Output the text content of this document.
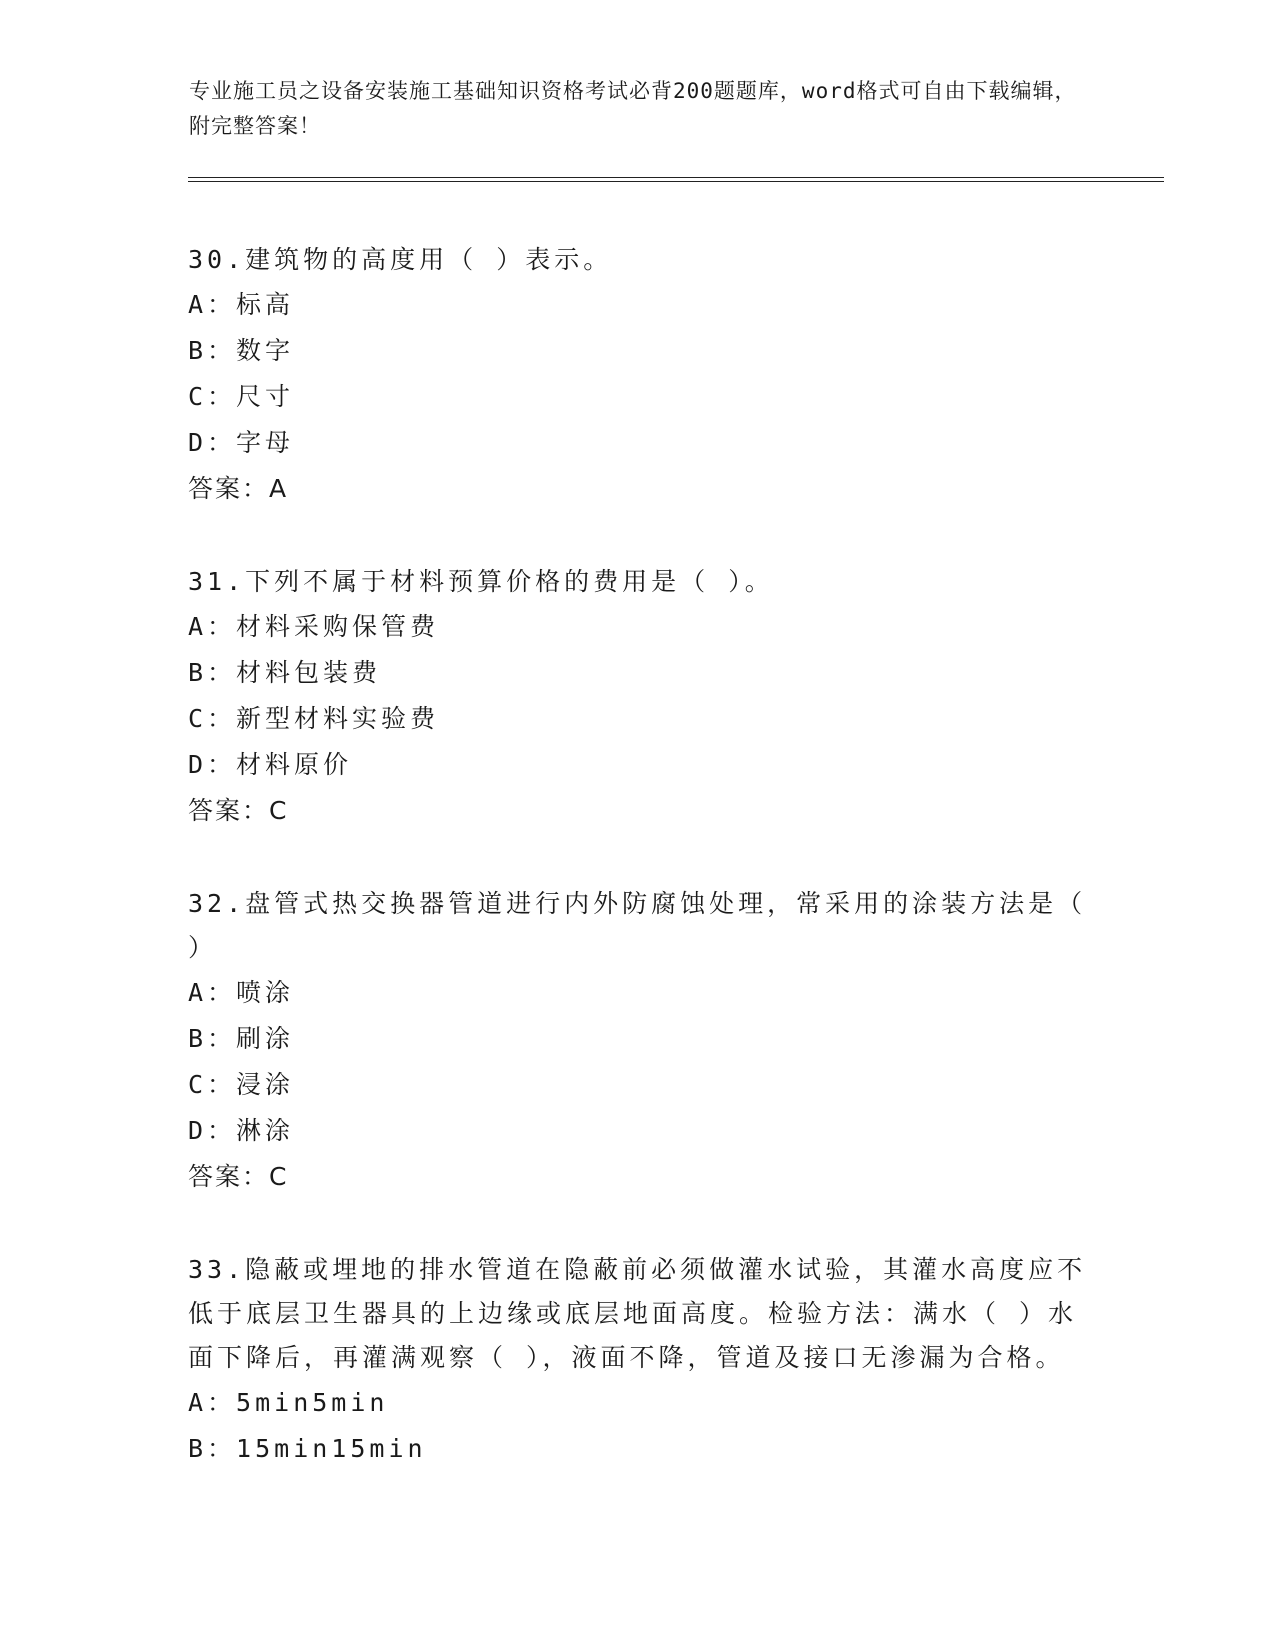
专业施工员之设备安装施工基础知识资格考试必背200题题库，word格式可自由下载编辑，附完整答案！

30.建筑物的高度用（ ）表示。

A：标高

B：数字

C：尺寸

D：字母

答案：A

31.下列不属于材料预算价格的费用是（ ）。

A：材料采购保管费

B：材料包装费

C：新型材料实验费

D：材料原价

答案：C

32.盘管式热交换器管道进行内外防腐蚀处理，常采用的涂装方法是（ ）

A：喷涂

B：刷涂

C：浸涂

D：淋涂

答案：C

33.隐蔽或埋地的排水管道在隐蔽前必须做灌水试验，其灌水高度应不低于底层卫生器具的上边缘或底层地面高度。检验方法：满水（ ）水面下降后，再灌满观察（ ），液面不降，管道及接口无渗漏为合格。

A：5min5min

B：15min15min
